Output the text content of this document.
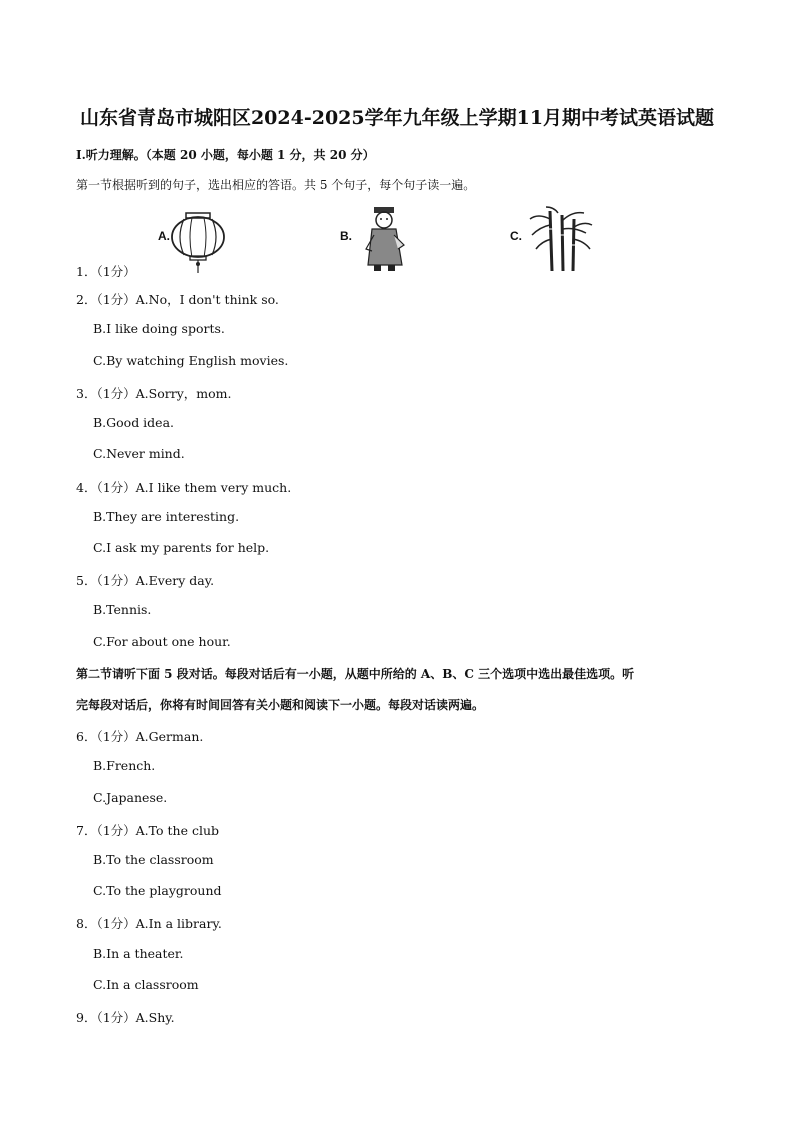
山东省青岛市城阳区2024-2025学年九年级上学期11月期中考试英语试题
I.听力理解。（本题 20 小题，每小题 1 分，共 20 分）
第一节根据听到的句子，选出相应的答语。共 5 个句子，每个句子读一遍。
A.	B.	C.
1．（1分）
2．（1分）A.No，I don't think so.
B.I like doing sports.
C.By watching English movies.
3．（1分）A.Sorry，mom.
B.Good idea.
C.Never mind.
4．（1分）A.I like them very much.
B.They are interesting.
C.I ask my parents for help.
5．（1分）A.Every day.
B.Tennis.
C.For about one hour.
第二节请听下面 5 段对话。每段对话后有一小题，从题中所给的 A、B、C 三个选项中选出最佳选项。听
完每段对话后，你将有时间回答有关小题和阅读下一小题。每段对话读两遍。
6．（1分）A.German.
B.French.
C.Japanese.
7．（1分）A.To the club
B.To the classroom
C.To the playground
8．（1分）A.In a library.
B.In a theater.
C.In a classroom
9．（1分）A.Shy.
